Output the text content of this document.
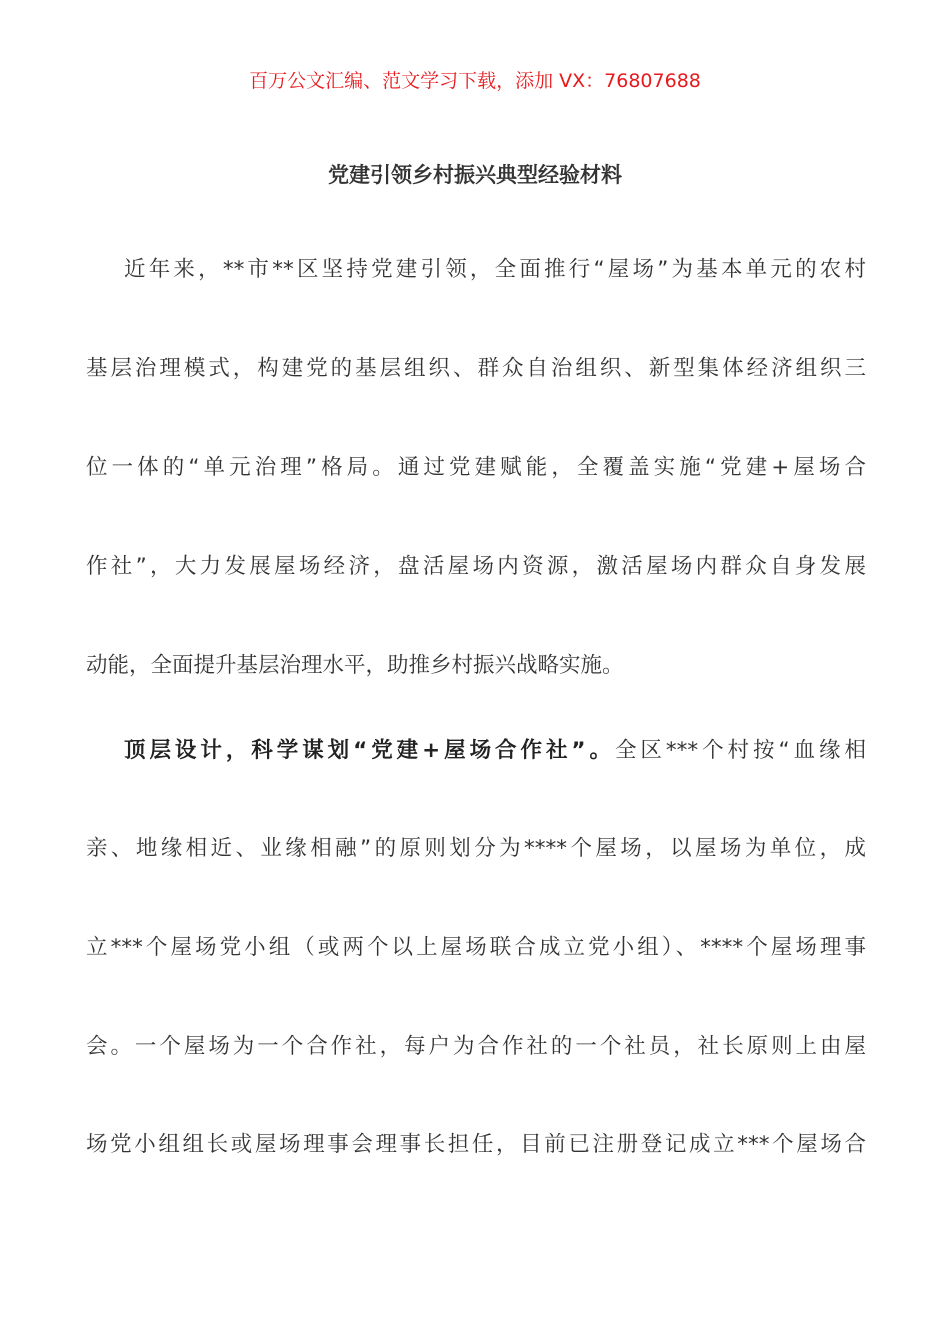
百万公文汇编、范文学习下载，添加 VX：76807688
党建引领乡村振兴典型经验材料
近年来，**市**区坚持党建引领，全面推行“屋场”为基本单元的农村
基层治理模式，构建党的基层组织、群众自治组织、新型集体经济组织三
位一体的“单元治理”格局。通过党建赋能，全覆盖实施“党建+屋场合
作社”，大力发展屋场经济，盘活屋场内资源，激活屋场内群众自身发展
动能，全面提升基层治理水平，助推乡村振兴战略实施。
顶层设计，科学谋划“党建+屋场合作社”。全区***个村按“血缘相
亲、地缘相近、业缘相融”的原则划分为****个屋场，以屋场为单位，成
立***个屋场党小组（或两个以上屋场联合成立党小组）、****个屋场理事
会。一个屋场为一个合作社，每户为合作社的一个社员，社长原则上由屋
场党小组组长或屋场理事会理事长担任，目前已注册登记成立***个屋场合
